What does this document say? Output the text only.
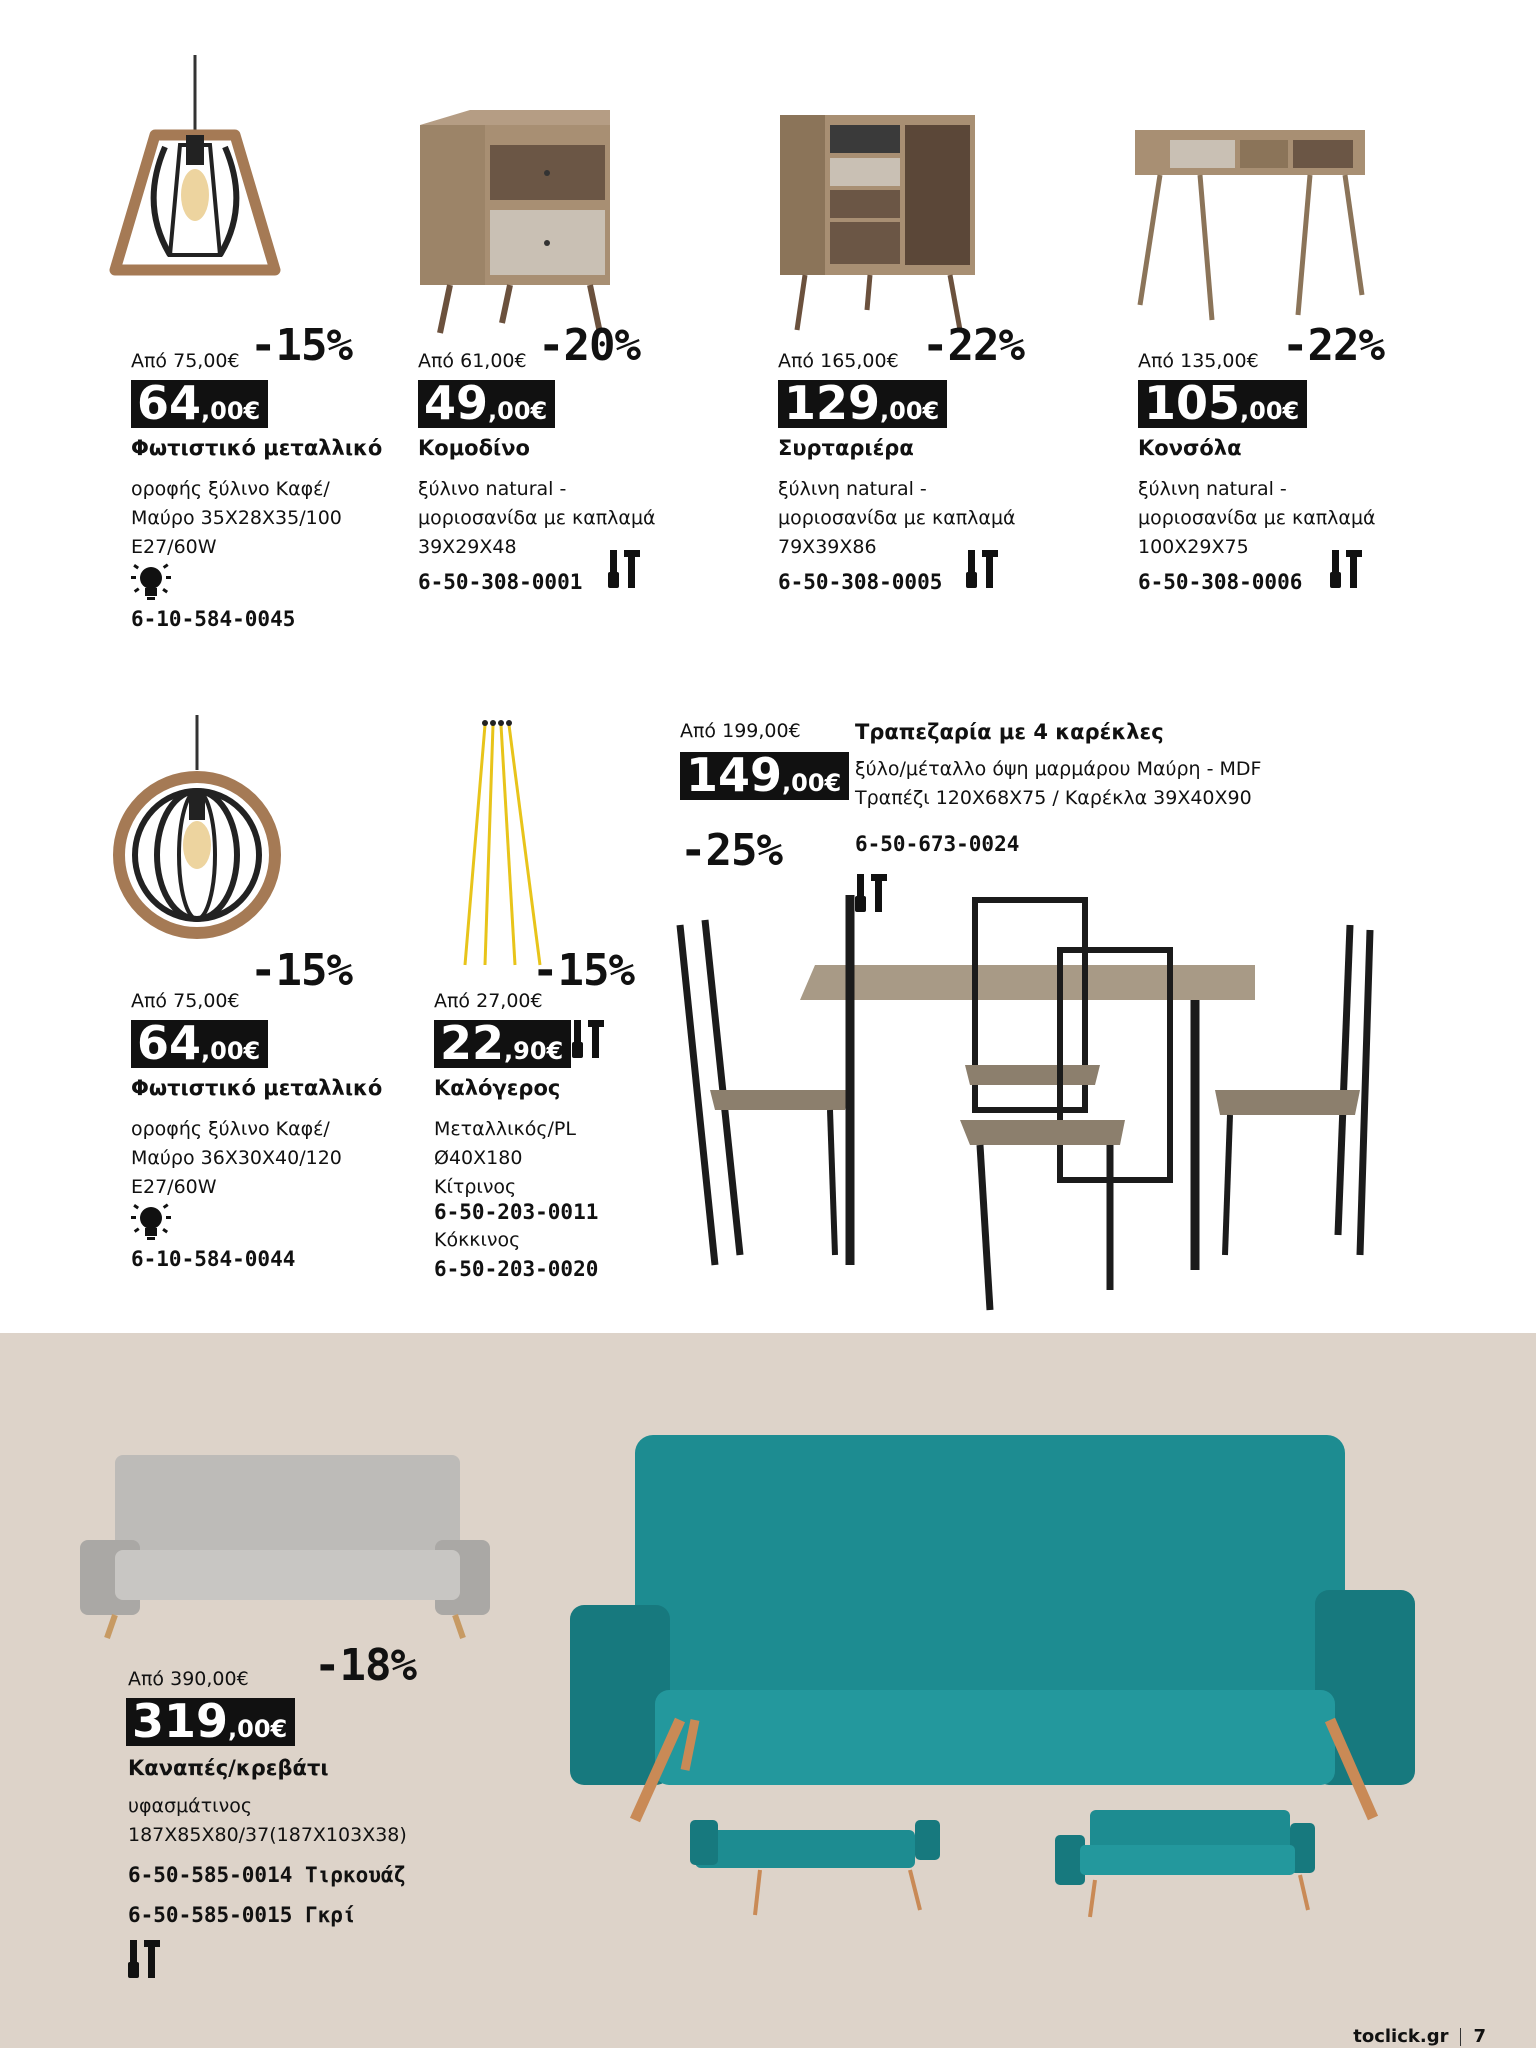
Από 75,00€ -15%
64,00€
Φωτιστικό μεταλλικό
οροφής ξύλινο Καφέ/
Μαύρο 35X28X35/100
E27/60W
6-10-584-0045
Από 61,00€ -20%
49,00€
Κομοδίνο
ξύλινο natural -
μοριοσανίδα με καπλαμά
39X29X48
6-50-308-0001
Από 165,00€ -22%
129,00€
Συρταριέρα
ξύλινη natural -
μοριοσανίδα με καπλαμά
79X39X86
6-50-308-0005
Από 135,00€ -22%
105,00€
Κονσόλα
ξύλινη natural -
μοριοσανίδα με καπλαμά
100X29X75
6-50-308-0006
-15%
Από 75,00€
64,00€
Φωτιστικό μεταλλικό
οροφής ξύλινο Καφέ/
Μαύρο 36X30X40/120
E27/60W
6-10-584-0044
-15%
Από 27,00€
22,90€
Καλόγερος
Μεταλλικός/PL
Ø40X180
Κίτρινος
6-50-203-0011
Κόκκινος
6-50-203-0020
Από 199,00€
149,00€
-25%
Τραπεζαρία με 4 καρέκλες
ξύλο/μέταλλο όψη μαρμάρου Μαύρη - MDF
Τραπέζι 120X68X75 / Καρέκλα 39X40X90
6-50-673-0024
Από 390,00€ -18%
319,00€
Καναπές/κρεβάτι
υφασμάτινος
187X85X80/37(187X103X38)
6-50-585-0014 Τιρκουάζ
6-50-585-0015 Γκρί
toclick.gr 7
